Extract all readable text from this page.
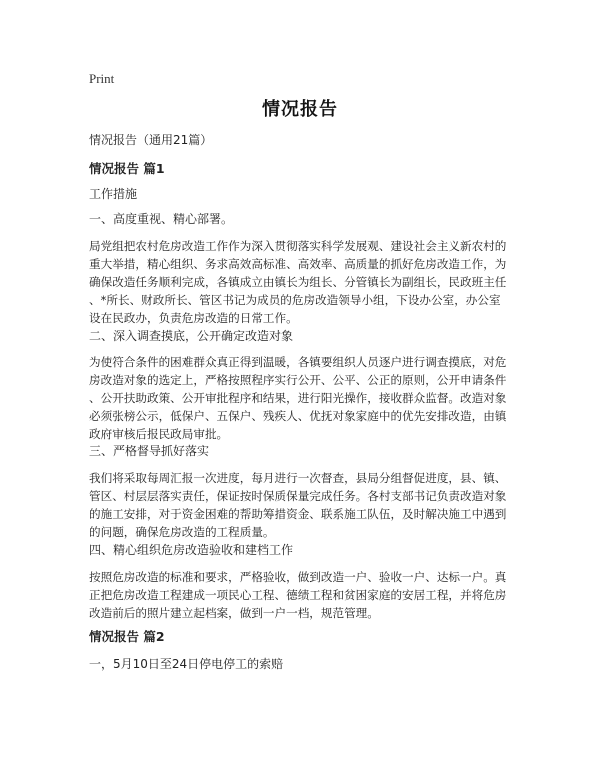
Print
情况报告
情况报告（通用21篇）
情况报告 篇1
工作措施
一、高度重视、精心部署。
局党组把农村危房改造工作作为深入贯彻落实科学发展观、建设社会主义新农村的
重大举措，精心组织、务求高效高标准、高效率、高质量的抓好危房改造工作，为
确保改造任务顺利完成，各镇成立由镇长为组长、分管镇长为副组长，民政班主任
、*所长、财政所长、管区书记为成员的危房改造领导小组，下设办公室，办公室
设在民政办，负责危房改造的日常工作。
二、深入调查摸底，公开确定改造对象
为使符合条件的困难群众真正得到温暖，各镇要组织人员逐户进行调查摸底，对危
房改造对象的选定上，严格按照程序实行公开、公平、公正的原则，公开申请条件
、公开扶助政策、公开审批程序和结果，进行阳光操作，接收群众监督。改造对象
必须张榜公示，低保户、五保户、残疾人、优抚对象家庭中的优先安排改造，由镇
政府审核后报民政局审批。
三、严格督导抓好落实
我们将采取每周汇报一次进度，每月进行一次督查，县局分组督促进度，县、镇、
管区、村层层落实责任，保证按时保质保量完成任务。各村支部书记负责改造对象
的施工安排，对于资金困难的帮助筹措资金、联系施工队伍，及时解决施工中遇到
的问题，确保危房改造的工程质量。
四、精心组织危房改造验收和建档工作
按照危房改造的标准和要求，严格验收，做到改造一户、验收一户、达标一户。真
正把危房改造工程建成一项民心工程、德绩工程和贫困家庭的安居工程，并将危房
改造前后的照片建立起档案，做到一户一档，规范管理。
情况报告 篇2
一，5月10日至24日停电停工的索赔
